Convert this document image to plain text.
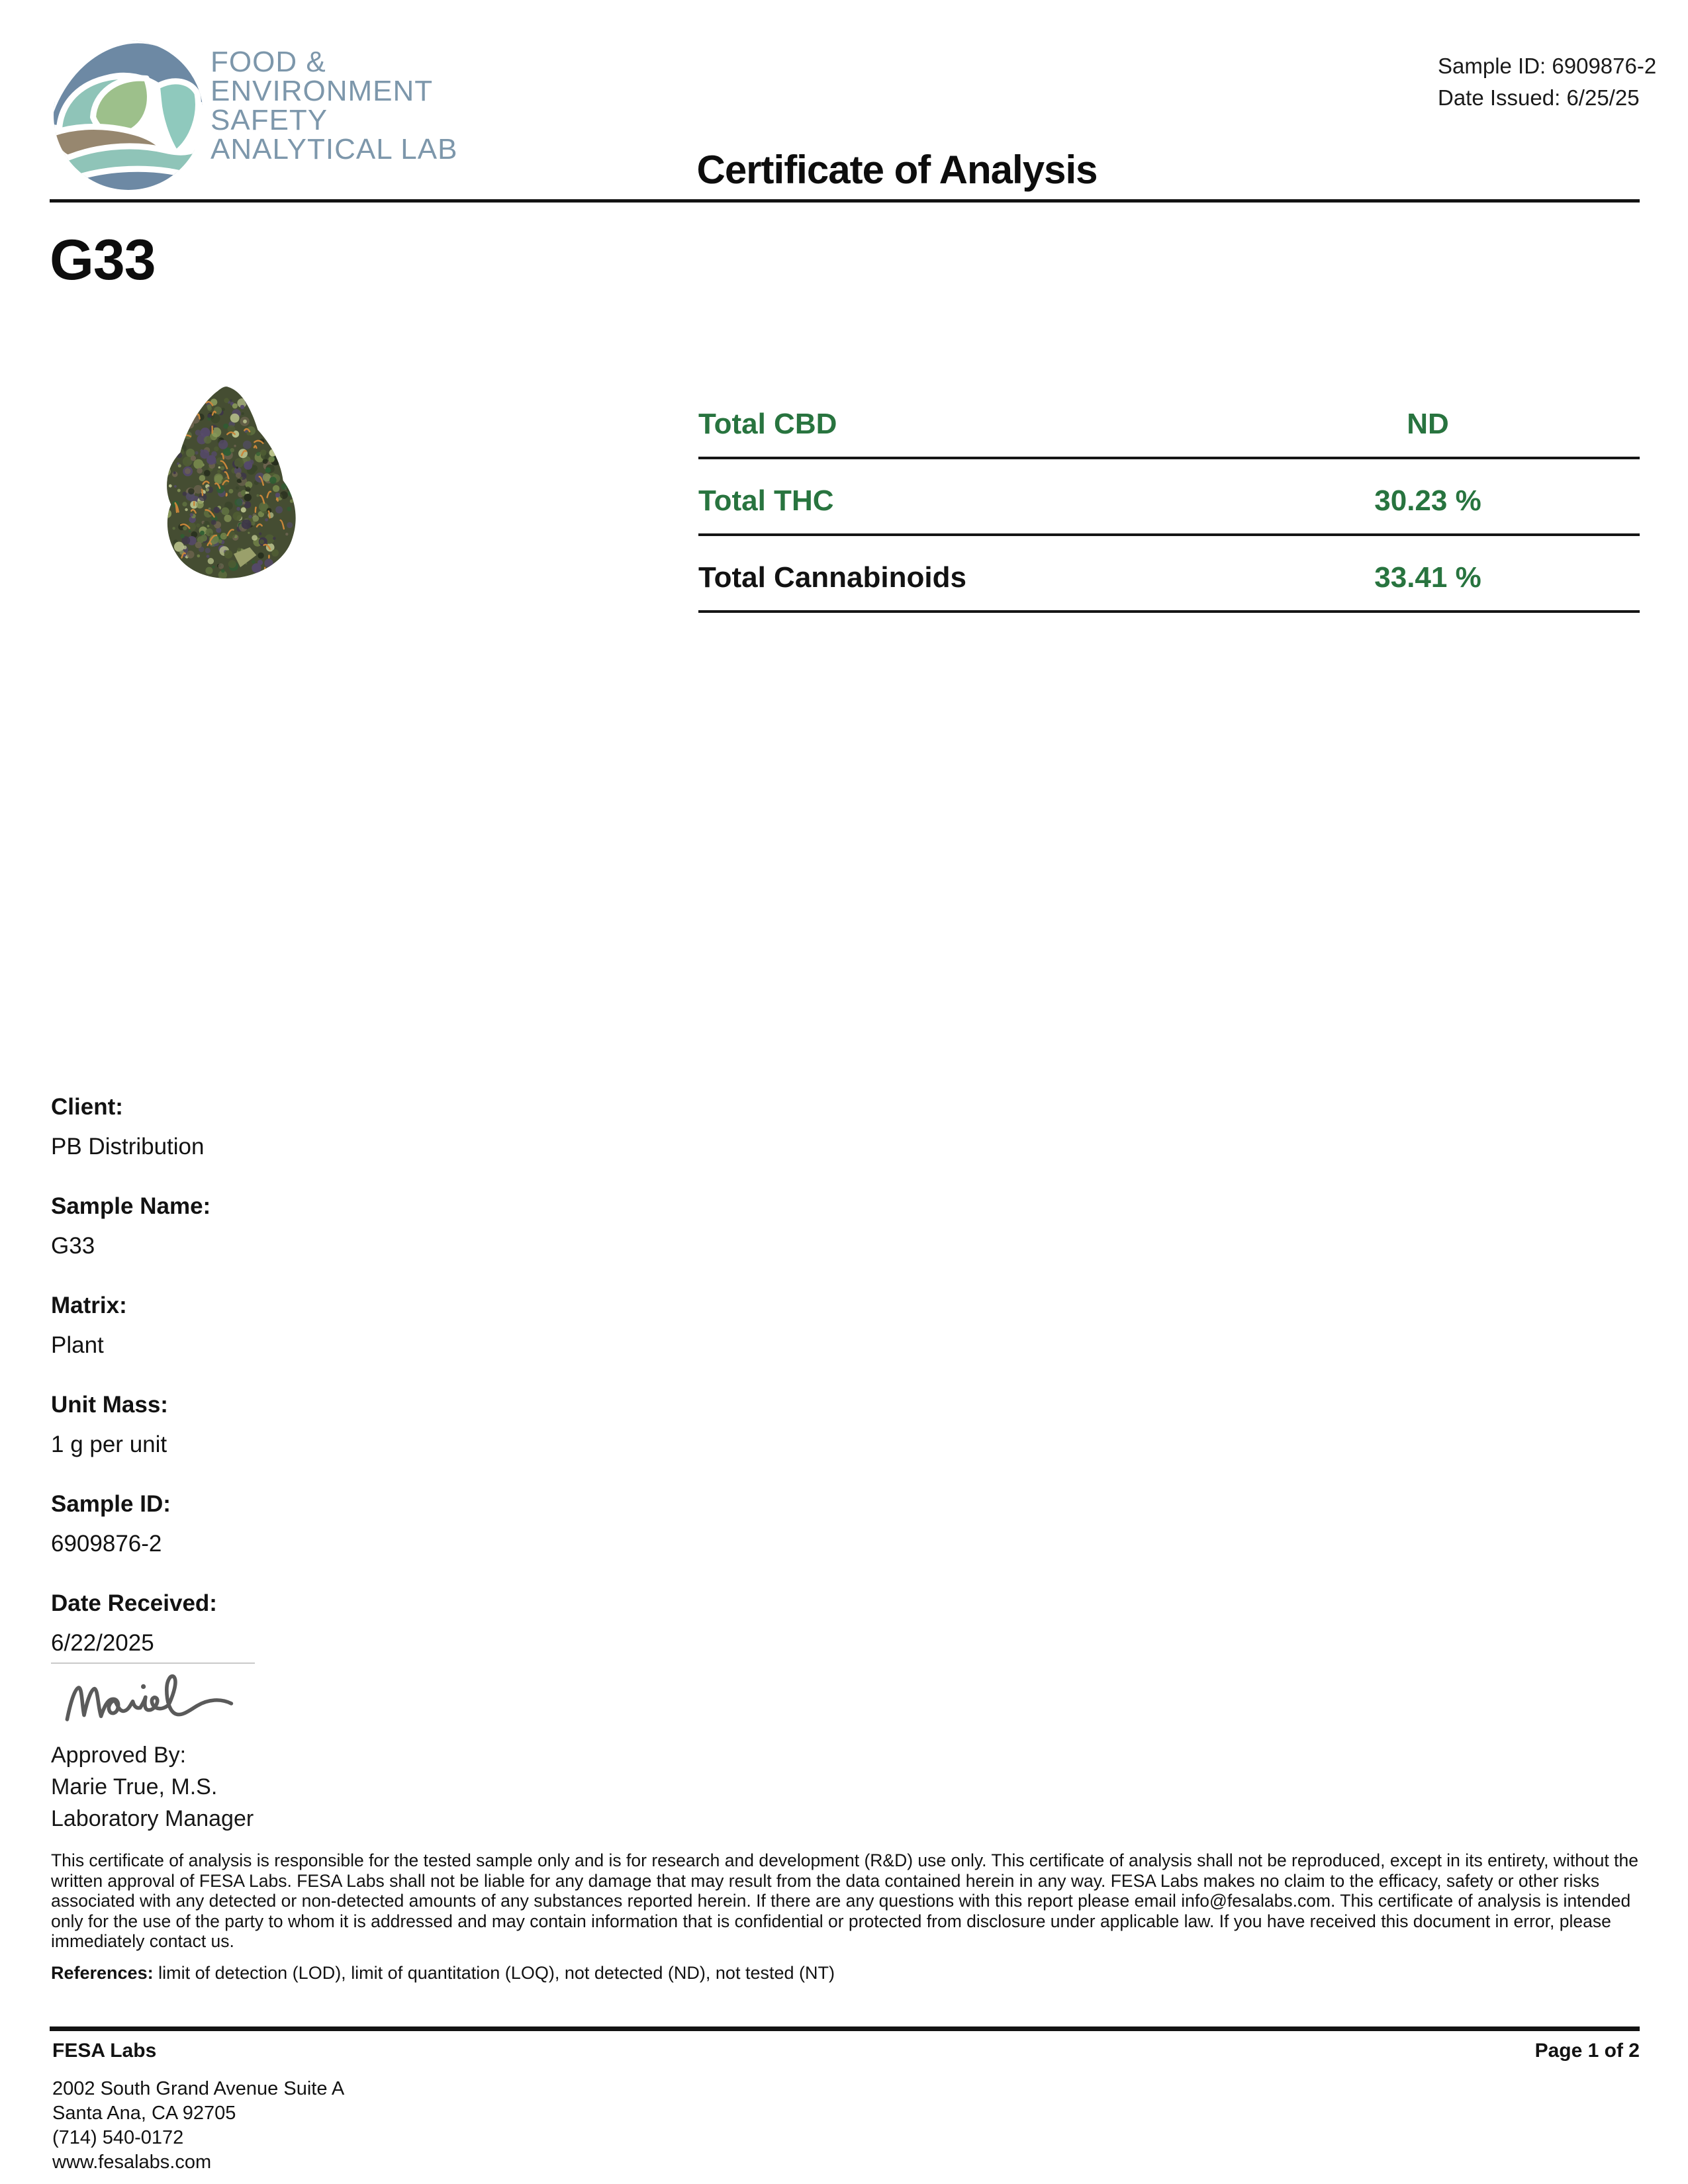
FOOD &
ENVIRONMENT
SAFETY
ANALYTICAL LAB	Certificate of Analysis
Sample ID: 6909876-2
Date Issued: 6/25/25
G33
Total CBD	ND
Total THC	30.23 %
Total Cannabinoids	33.41 %
Client:
PB Distribution
Sample Name:
G33
Matrix:
Plant
Unit Mass:
1 g per unit
Sample ID:
6909876-2
Date Received:
6/22/2025
Approved By:
Marie True, M.S.
Laboratory Manager

This certificate of analysis is responsible for the tested sample only and is for research and development (R&D) use only. This certificate of analysis shall not be reproduced, except in its entirety, without the written approval of FESA Labs. FESA Labs shall not be liable for any damage that may result from the data contained herein in any way. FESA Labs makes no claim to the efficacy, safety or other risks associated with any detected or non-detected amounts of any substances reported herein. If there are any questions with this report please email info@fesalabs.com. This certificate of analysis is intended only for the use of the party to whom it is addressed and may contain information that is confidential or protected from disclosure under applicable law. If you have received this document in error, please immediately contact us.

References: limit of detection (LOD), limit of quantitation (LOQ), not detected (ND), not tested (NT)

FESA Labs	Page 1 of 2
2002 South Grand Avenue Suite A
Santa Ana, CA 92705
(714) 540-0172
www.fesalabs.com
